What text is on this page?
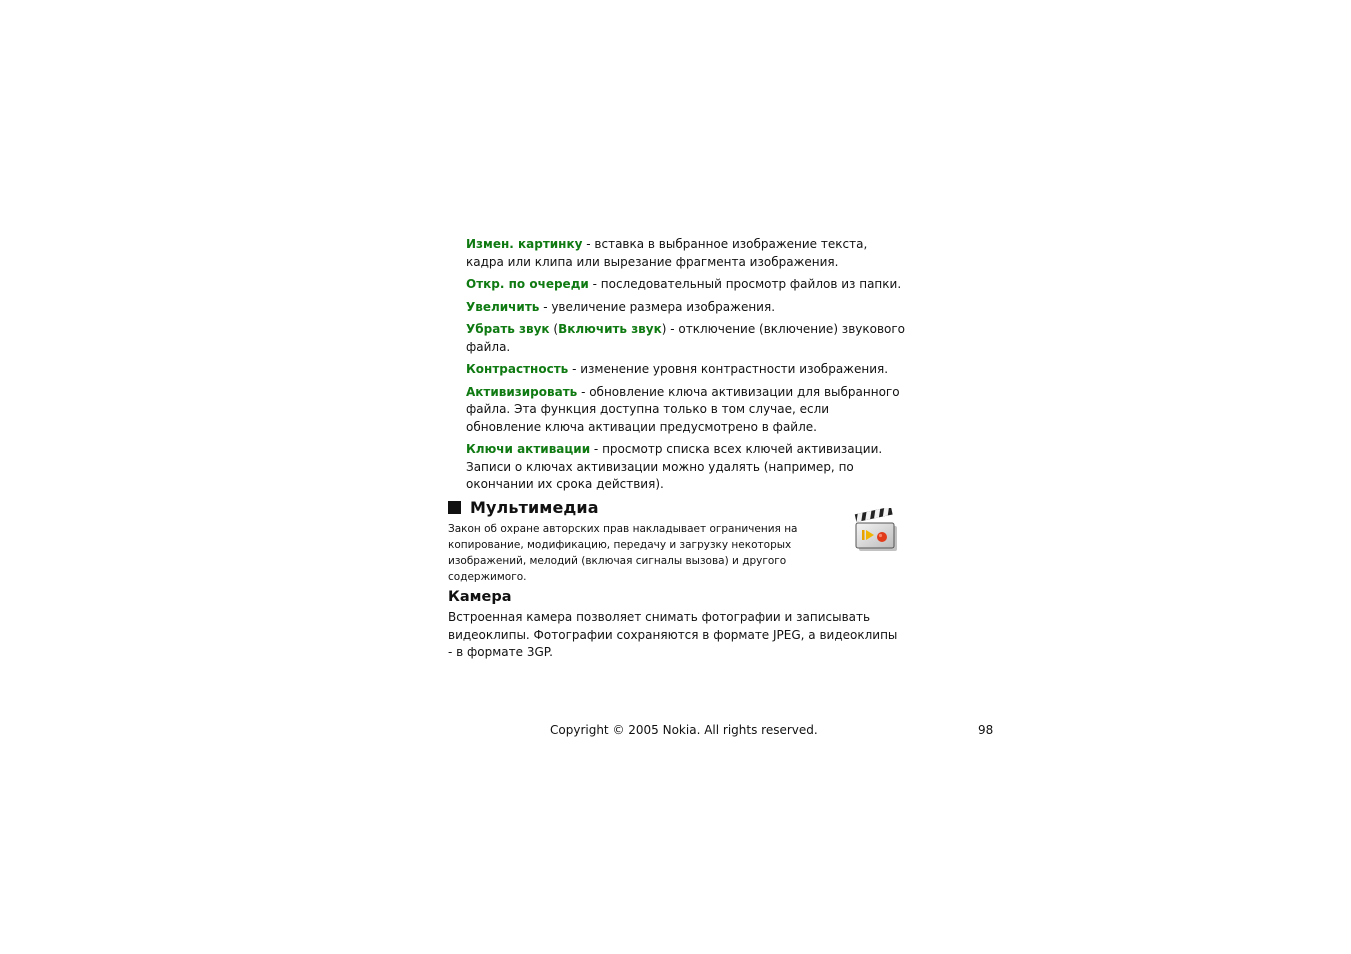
Измен. картинку - вставка в выбранное изображение текста, кадра или клипа или вырезание фрагмента изображения.

Откр. по очереди - последовательный просмотр файлов из папки.

Увеличить - увеличение размера изображения.

Убрать звук (Включить звук) - отключение (включение) звукового файла.

Контрастность - изменение уровня контрастности изображения.

Активизировать - обновление ключа активизации для выбранного файла. Эта функция доступна только в том случае, если обновление ключа активации предусмотрено в файле.

Ключи активации - просмотр списка всех ключей активизации. Записи о ключах активизации можно удалять (например, по окончании их срока действия).

Мультимедиа
Закон об охране авторских прав накладывает ограничения на копирование, модификацию, передачу и загрузку некоторых изображений, мелодий (включая сигналы вызова) и другого содержимого.
Камера
Встроенная камера позволяет снимать фотографии и записывать видеоклипы. Фотографии сохраняются в формате JPEG, а видеоклипы - в формате 3GP.
Copyright © 2005 Nokia. All rights reserved.	98
